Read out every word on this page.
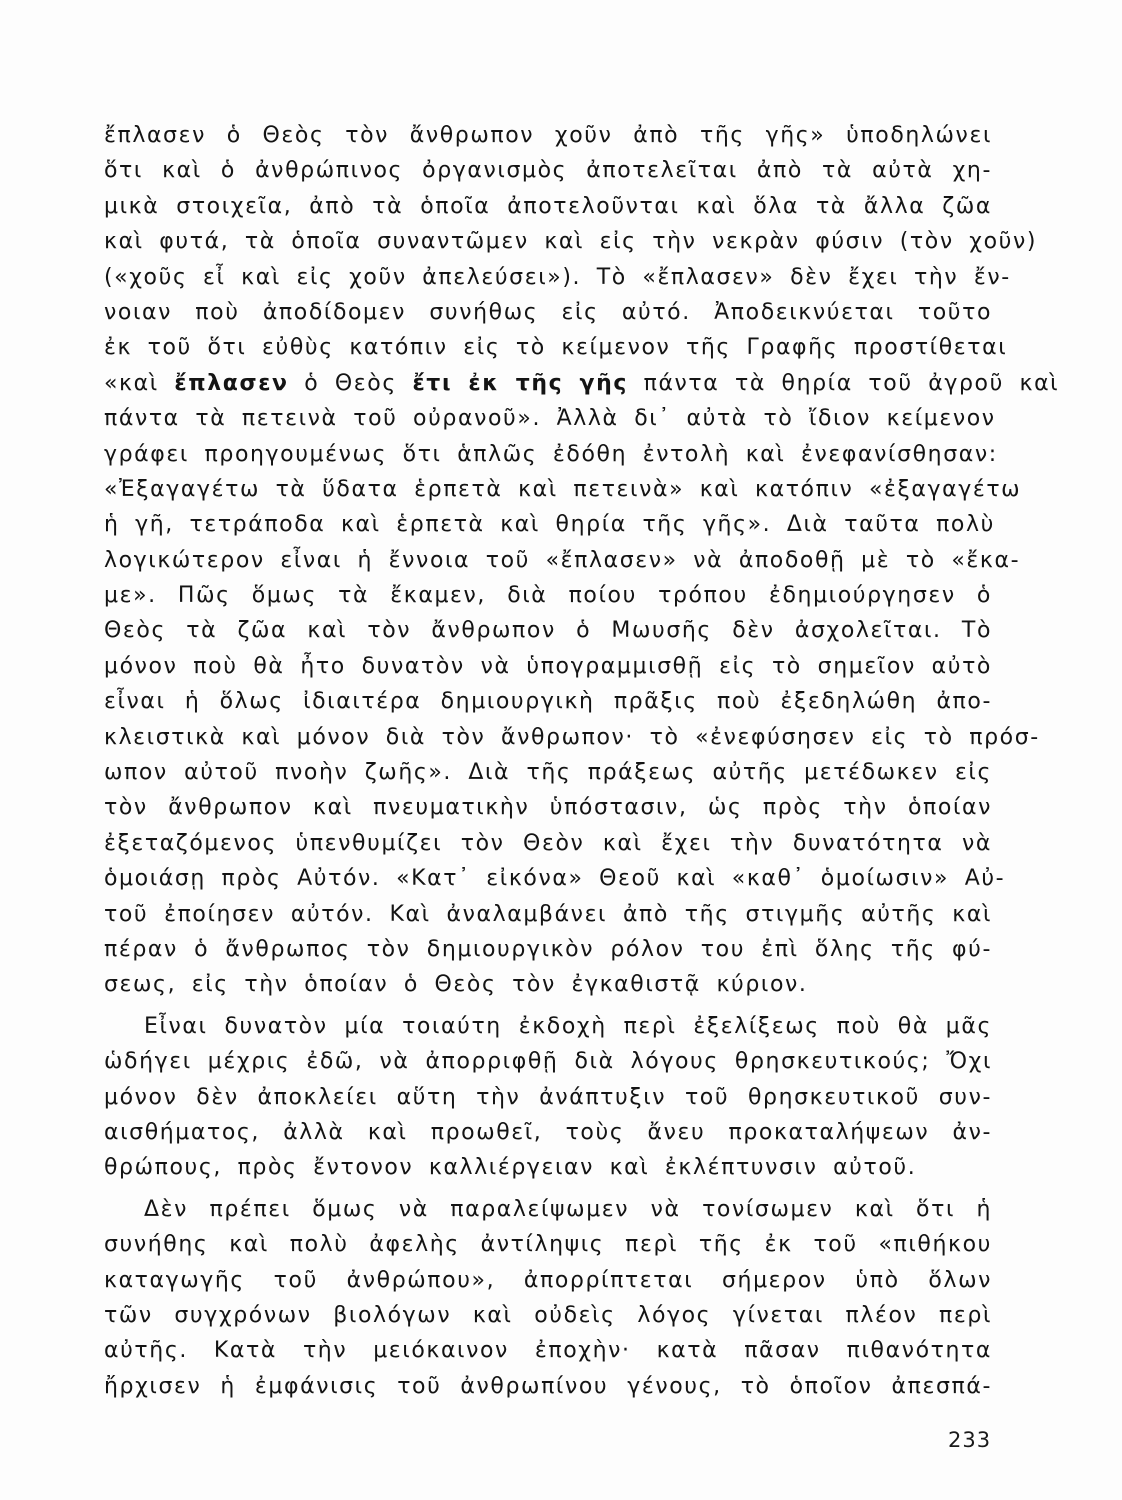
ἔπλασεν ὁ Θεὸς τὸν ἄνθρωπον χοῦν ἀπὸ τῆς γῆς» ὑποδηλώνει
ὅτι καὶ ὁ ἀνθρώπινος ὀργανισμὸς ἀποτελεῖται ἀπὸ τὰ αὐτὰ χη-
μικὰ στοιχεῖα, ἀπὸ τὰ ὁποῖα ἀποτελοῦνται καὶ ὅλα τὰ ἄλλα ζῶα
καὶ φυτά, τὰ ὁποῖα συναντῶμεν καὶ εἰς τὴν νεκρὰν φύσιν (τὸν χοῦν)
(«χοῦς εἶ καὶ εἰς χοῦν ἀπελεύσει»). Τὸ «ἔπλασεν» δὲν ἔχει τὴν ἔν-
νοιαν ποὺ ἀποδίδομεν συνήθως εἰς αὐτό. Ἀποδεικνύεται τοῦτο
ἐκ τοῦ ὅτι εὐθὺς κατόπιν εἰς τὸ κείμενον τῆς Γραφῆς προστίθεται
«καὶ ἔπλασεν ὁ Θεὸς ἔτι ἐκ τῆς γῆς πάντα τὰ θηρία τοῦ ἀγροῦ καὶ
πάντα τὰ πετεινὰ τοῦ οὐρανοῦ». Ἀλλὰ δι᾿ αὐτὰ τὸ ἴδιον κείμενον
γράφει προηγουμένως ὅτι ἁπλῶς ἐδόθη ἐντολὴ καὶ ἐνεφανίσθησαν:
«Ἐξαγαγέτω τὰ ὕδατα ἑρπετὰ καὶ πετεινὰ» καὶ κατόπιν «ἐξαγαγέτω
ἡ γῆ, τετράποδα καὶ ἑρπετὰ καὶ θηρία τῆς γῆς». Διὰ ταῦτα πολὺ
λογικώτερον εἶναι ἡ ἔννοια τοῦ «ἔπλασεν» νὰ ἀποδοθῇ μὲ τὸ «ἔκα-
με». Πῶς ὅμως τὰ ἔκαμεν, διὰ ποίου τρόπου ἐδημιούργησεν ὁ
Θεὸς τὰ ζῶα καὶ τὸν ἄνθρωπον ὁ Μωυσῆς δὲν ἀσχολεῖται. Τὸ
μόνον ποὺ θὰ ἦτο δυνατὸν νὰ ὑπογραμμισθῇ εἰς τὸ σημεῖον αὐτὸ
εἶναι ἡ ὅλως ἰδιαιτέρα δημιουργικὴ πρᾶξις ποὺ ἐξεδηλώθη ἀπο-
κλειστικὰ καὶ μόνον διὰ τὸν ἄνθρωπον· τὸ «ἐνεφύσησεν εἰς τὸ πρόσ-
ωπον αὐτοῦ πνοὴν ζωῆς». Διὰ τῆς πράξεως αὐτῆς μετέδωκεν εἰς
τὸν ἄνθρωπον καὶ πνευματικὴν ὑπόστασιν, ὡς πρὸς τὴν ὁποίαν
ἐξεταζόμενος ὑπενθυμίζει τὸν Θεὸν καὶ ἔχει τὴν δυνατότητα νὰ
ὁμοιάσῃ πρὸς Αὐτόν. «Κατ᾿ εἰκόνα» Θεοῦ καὶ «καθ᾿ ὁμοίωσιν» Αὐ-
τοῦ ἐποίησεν αὐτόν. Καὶ ἀναλαμβάνει ἀπὸ τῆς στιγμῆς αὐτῆς καὶ
πέραν ὁ ἄνθρωπος τὸν δημιουργικὸν ρόλον του ἐπὶ ὅλης τῆς φύ-
σεως, εἰς τὴν ὁποίαν ὁ Θεὸς τὸν ἐγκαθιστᾷ κύριον.
Εἶναι δυνατὸν μία τοιαύτη ἐκδοχὴ περὶ ἐξελίξεως ποὺ θὰ μᾶς
ὡδήγει μέχρις ἐδῶ, νὰ ἀπορριφθῇ διὰ λόγους θρησκευτικούς; Ὄχι
μόνον δὲν ἀποκλείει αὕτη τὴν ἀνάπτυξιν τοῦ θρησκευτικοῦ συν-
αισθήματος, ἀλλὰ καὶ προωθεῖ, τοὺς ἄνευ προκαταλήψεων ἀν-
θρώπους, πρὸς ἔντονον καλλιέργειαν καὶ ἐκλέπτυνσιν αὐτοῦ.
Δὲν πρέπει ὅμως νὰ παραλείψωμεν νὰ τονίσωμεν καὶ ὅτι ἡ
συνήθης καὶ πολὺ ἀφελὴς ἀντίληψις περὶ τῆς ἐκ τοῦ «πιθήκου
καταγωγῆς τοῦ ἀνθρώπου», ἀπορρίπτεται σήμερον ὑπὸ ὅλων
τῶν συγχρόνων βιολόγων καὶ οὐδεὶς λόγος γίνεται πλέον περὶ
αὐτῆς. Κατὰ τὴν μειόκαινον ἐποχὴν· κατὰ πᾶσαν πιθανότητα
ἤρχισεν ἡ ἐμφάνισις τοῦ ἀνθρωπίνου γένους, τὸ ὁποῖον ἀπεσπά-
233
